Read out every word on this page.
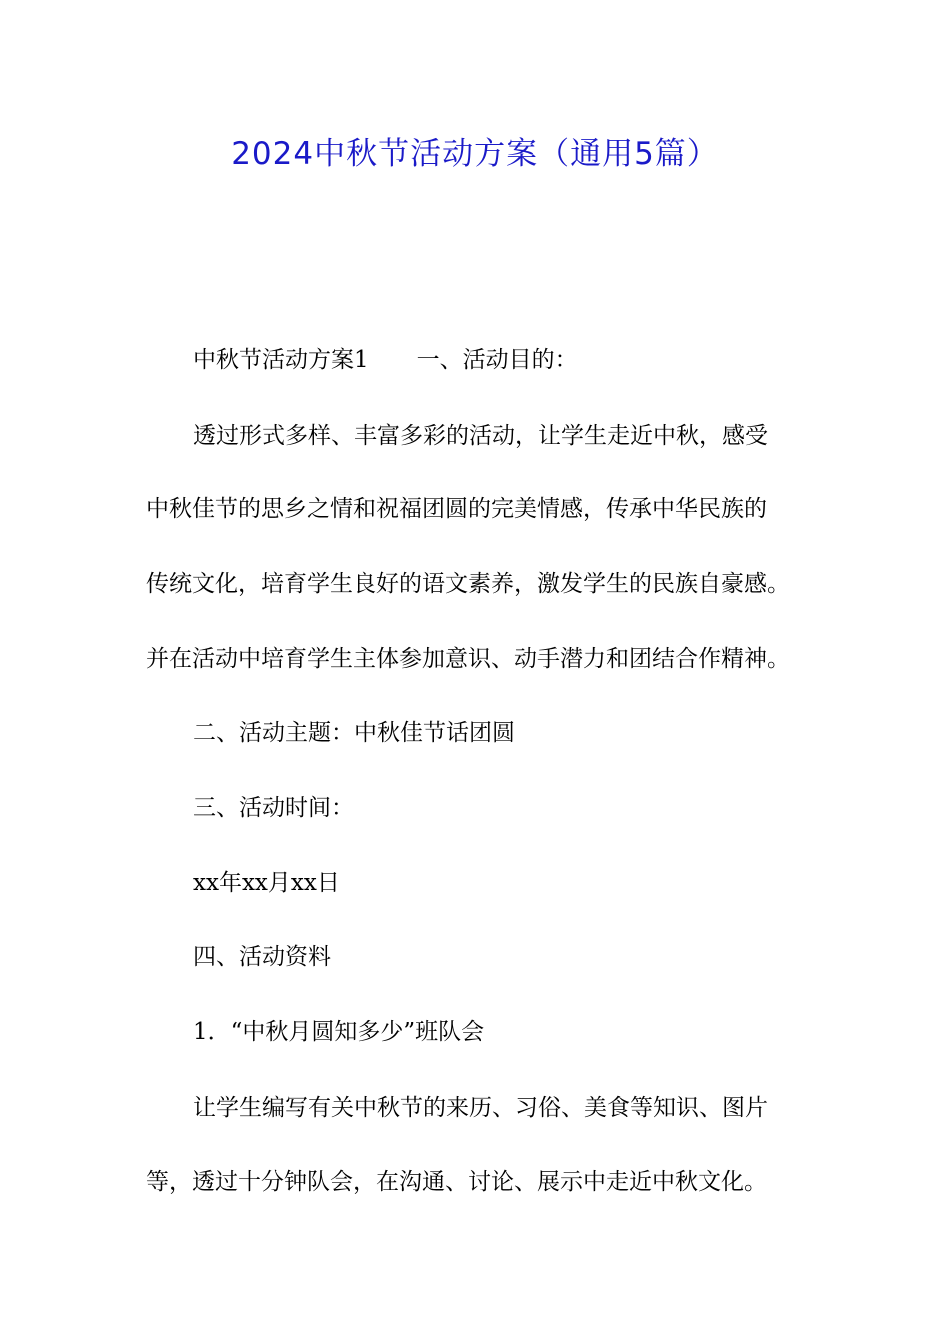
2024中秋节活动方案（通用5篇）

中秋节活动方案1 一、活动目的：

透过形式多样、丰富多彩的活动，让学生走近中秋，感受

中秋佳节的思乡之情和祝福团圆的完美情感，传承中华民族的

传统文化，培育学生良好的语文素养，激发学生的民族自豪感。

并在活动中培育学生主体参加意识、动手潜力和团结合作精神。

二、活动主题：中秋佳节话团圆

三、活动时间：

xx年xx月xx日

四、活动资料

1．“中秋月圆知多少”班队会

让学生编写有关中秋节的来历、习俗、美食等知识、图片

等，透过十分钟队会，在沟通、讨论、展示中走近中秋文化。
